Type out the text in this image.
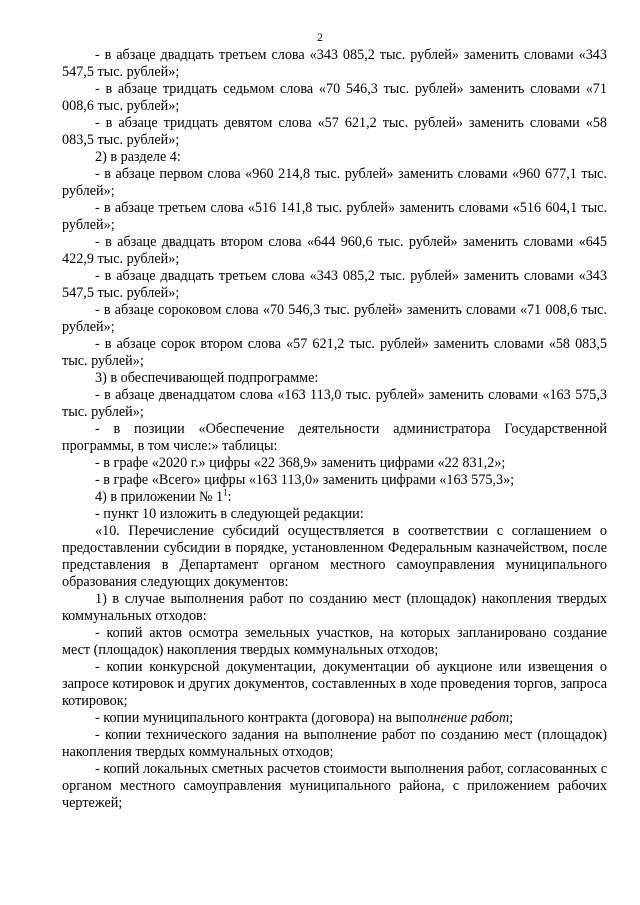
2

- в абзаце двадцать третьем слова «343 085,2 тыс. рублей» заменить словами «343 547,5 тыс. рублей»;

- в абзаце тридцать седьмом слова «70 546,3 тыс. рублей» заменить словами «71 008,6 тыс. рублей»;

- в абзаце тридцать девятом слова «57 621,2 тыс. рублей» заменить словами «58 083,5 тыс. рублей»;

2) в разделе 4:

- в абзаце первом слова «960 214,8 тыс. рублей» заменить словами «960 677,1 тыс. рублей»;

- в абзаце третьем слова «516 141,8 тыс. рублей» заменить словами «516 604,1 тыс. рублей»;

- в абзаце двадцать втором слова «644 960,6 тыс. рублей» заменить словами «645 422,9 тыс. рублей»;

- в абзаце двадцать третьем слова «343 085,2 тыс. рублей» заменить словами «343 547,5 тыс. рублей»;

- в абзаце сороковом слова «70 546,3 тыс. рублей» заменить словами «71 008,6 тыс. рублей»;

- в абзаце сорок втором слова «57 621,2 тыс. рублей» заменить словами «58 083,5 тыс. рублей»;

3) в обеспечивающей подпрограмме:

- в абзаце двенадцатом слова «163 113,0 тыс. рублей» заменить словами «163 575,3 тыс. рублей»;

- в позиции «Обеспечение деятельности администратора Государственной программы, в том числе:» таблицы:

- в графе «2020 г.» цифры «22 368,9» заменить цифрами «22 831,2»;

- в графе «Всего» цифры «163 113,0» заменить цифрами «163 575,3»;

4) в приложении № $1^1$:

- пункт 10 изложить в следующей редакции:

«10. Перечисление субсидий осуществляется в соответствии с соглашением о предоставлении субсидии в порядке, установленном Федеральным казначейством, после представления в Департамент органом местного самоуправления муниципального образования следующих документов:

1) в случае выполнения работ по созданию мест (площадок) накопления твердых коммунальных отходов:

- копий актов осмотра земельных участков, на которых запланировано создание мест (площадок) накопления твердых коммунальных отходов;

- копии конкурсной документации, документации об аукционе или извещения о запросе котировок и других документов, составленных в ходе проведения торгов, запроса котировок;

- копии муниципального контракта (договора) на выполнение работ;

- копии технического задания на выполнение работ по созданию мест (площадок) накопления твердых коммунальных отходов;

- копий локальных сметных расчетов стоимости выполнения работ, согласованных с органом местного самоуправления муниципального района, с приложением рабочих чертежей;
